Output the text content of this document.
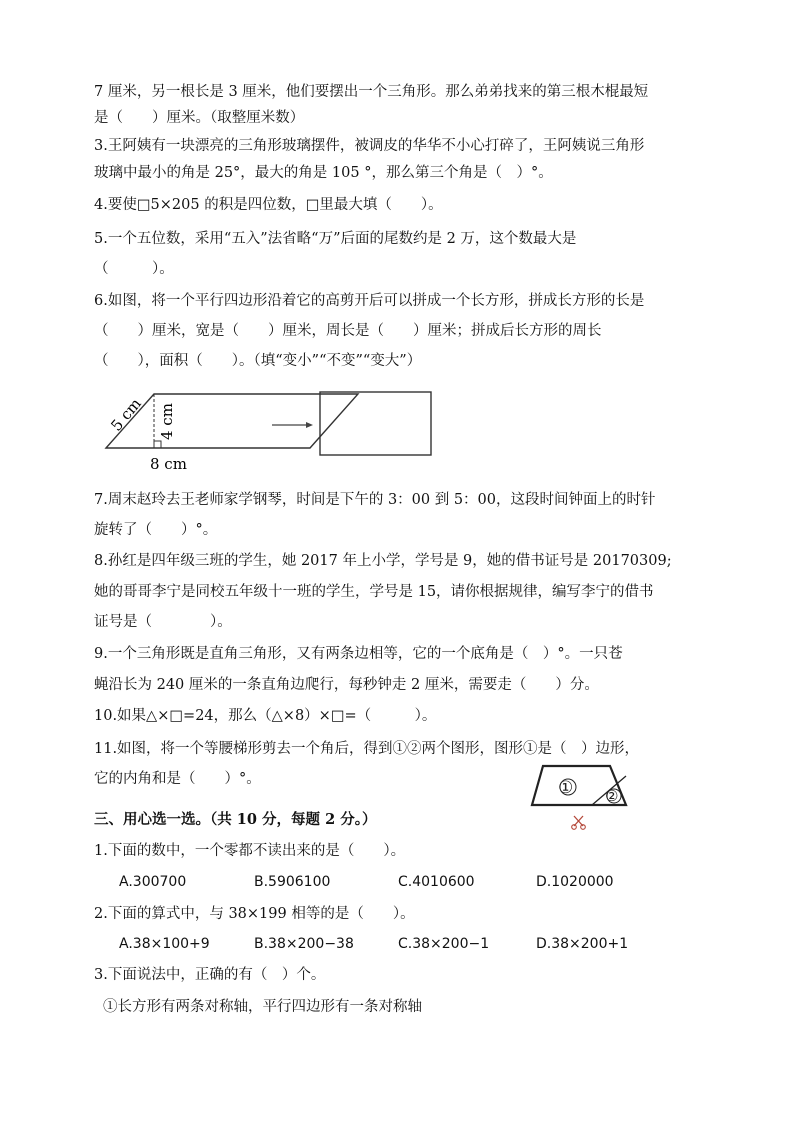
7 厘米，另一根长是 3 厘米，他们要摆出一个三角形。那么弟弟找来的第三根木棍最短
是（　　）厘米。（取整厘米数）
3.王阿姨有一块漂亮的三角形玻璃摆件，被调皮的华华不小心打碎了，王阿姨说三角形
玻璃中最小的角是 25°，最大的角是 105 °，那么第三个角是（　）°。
4.要使□5×205 的积是四位数，□里最大填（　　）。
5.一个五位数，采用“五入”法省略“万”后面的尾数约是 2 万，这个数最大是
（　　　）。
6.如图，将一个平行四边形沿着它的高剪开后可以拼成一个长方形，拼成长方形的长是
（　　）厘米，宽是（　　）厘米，周长是（　　）厘米；拼成后长方形的周长
（　　），面积（　　）。（填“变小”“不变”“变大”）
5 cm 4 cm
8 cm
7.周末赵玲去王老师家学钢琴，时间是下午的 3：00 到 5：00，这段时间钟面上的时针
旋转了（　　）°。
8.孙红是四年级三班的学生，她 2017 年上小学，学号是 9，她的借书证号是 20170309;
她的哥哥李宁是同校五年级十一班的学生，学号是 15，请你根据规律，编写李宁的借书
证号是（　　　　）。
9.一个三角形既是直角三角形，又有两条边相等，它的一个底角是（　）°。一只苍
蝇沿长为 240 厘米的一条直角边爬行，每秒钟走 2 厘米，需要走（　　）分。
10.如果△×□=24，那么（△×8）×□=（　　　）。
11.如图，将一个等腰梯形剪去一个角后，得到①②两个图形，图形①是（　）边形，
它的内角和是（　　）°。	① ②
三、用心选一选。（共 10 分，每题 2 分。）
1.下面的数中，一个零都不读出来的是（　　）。
A.300700	B.5906100	C.4010600	D.1020000
2.下面的算式中，与 38×199 相等的是（　　）。
A.38×100+9	B.38×200−38	C.38×200−1	D.38×200+1
3.下面说法中，正确的有（　）个。
①长方形有两条对称轴，平行四边形有一条对称轴
